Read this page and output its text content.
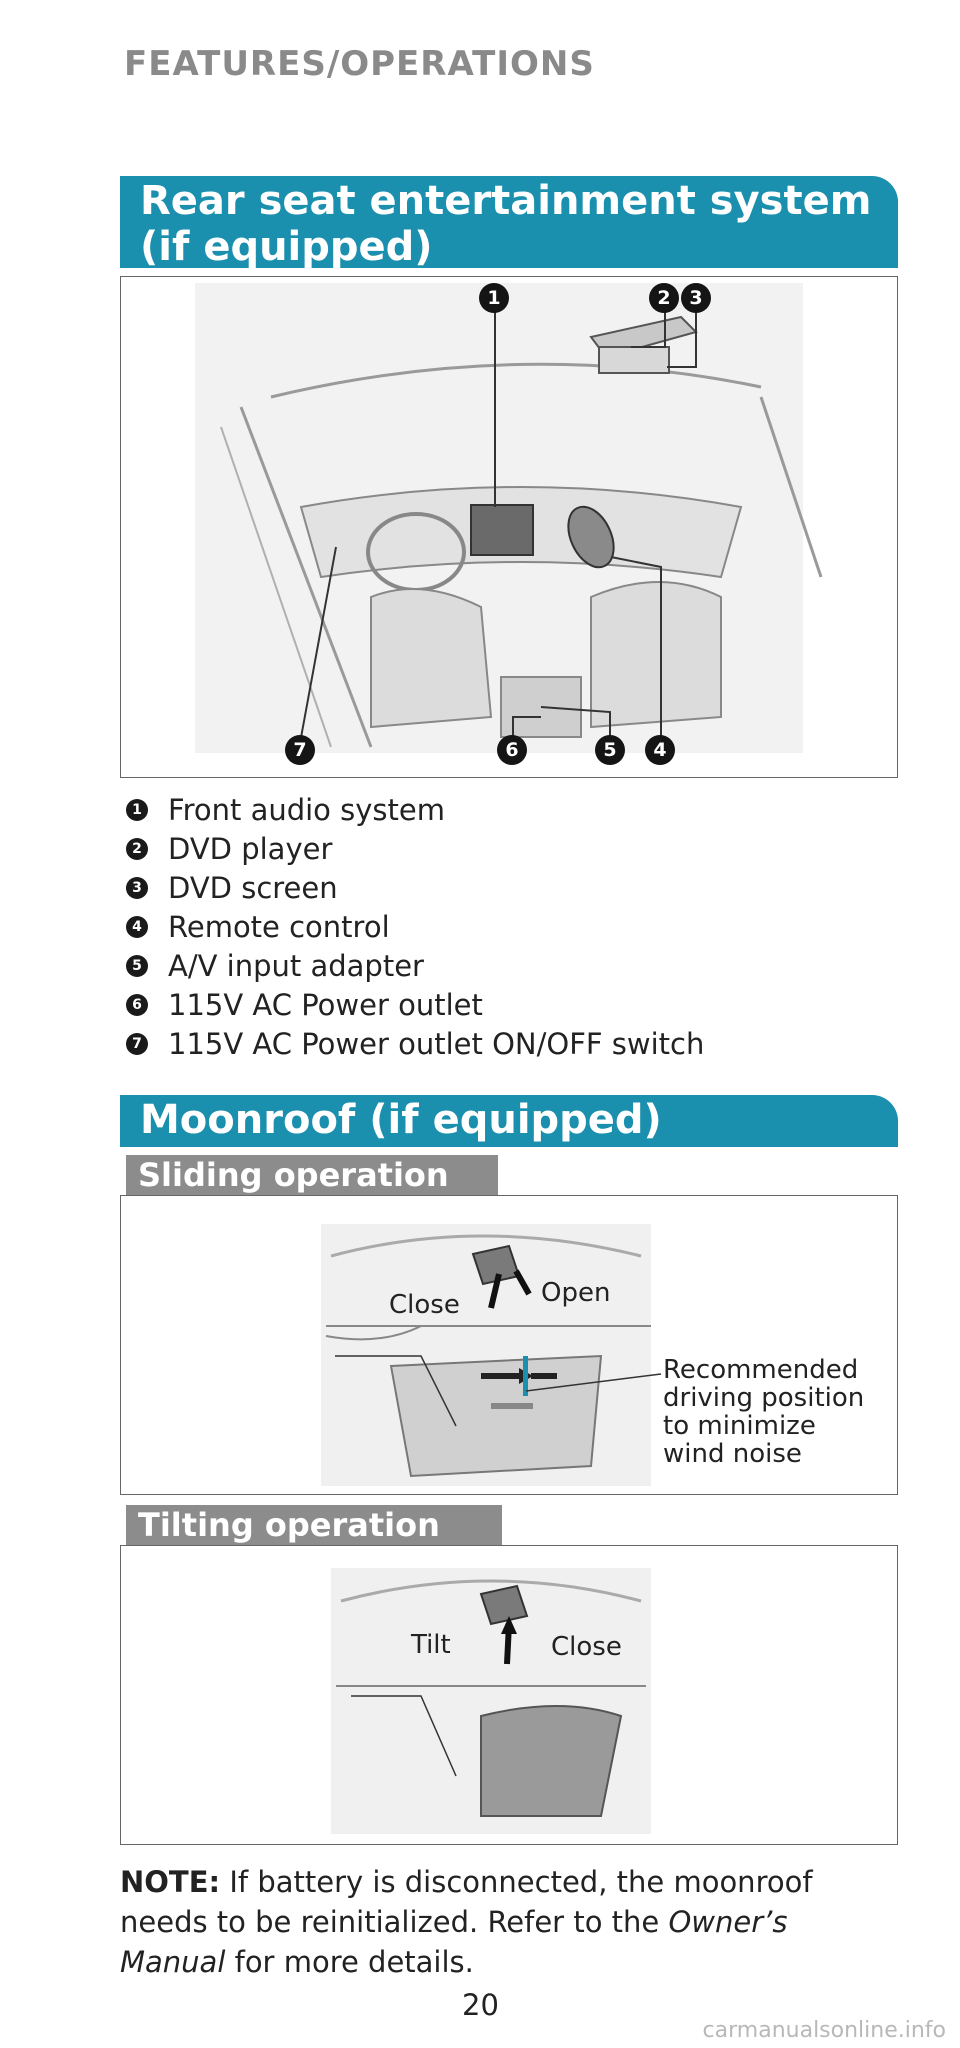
FEATURES/OPERATIONS
Rear seat entertainment system
(if equipped)
1	2 3
4
5
6
7
1 Front audio system
2 DVD player
3 DVD screen
4 Remote control
5 A/V input adapter
6 115V AC Power outlet
7 115V AC Power outlet ON/OFF switch
Moonroof (if equipped)
Sliding operation
Close	Open
Recommended
driving position
to minimize
wind noise
Tilting operation
Tilt	Close
NOTE: If battery is disconnected, the moonroof needs to be reinitialized. Refer to the Owner’s Manual for more details.
20
carmanualsonline.info
